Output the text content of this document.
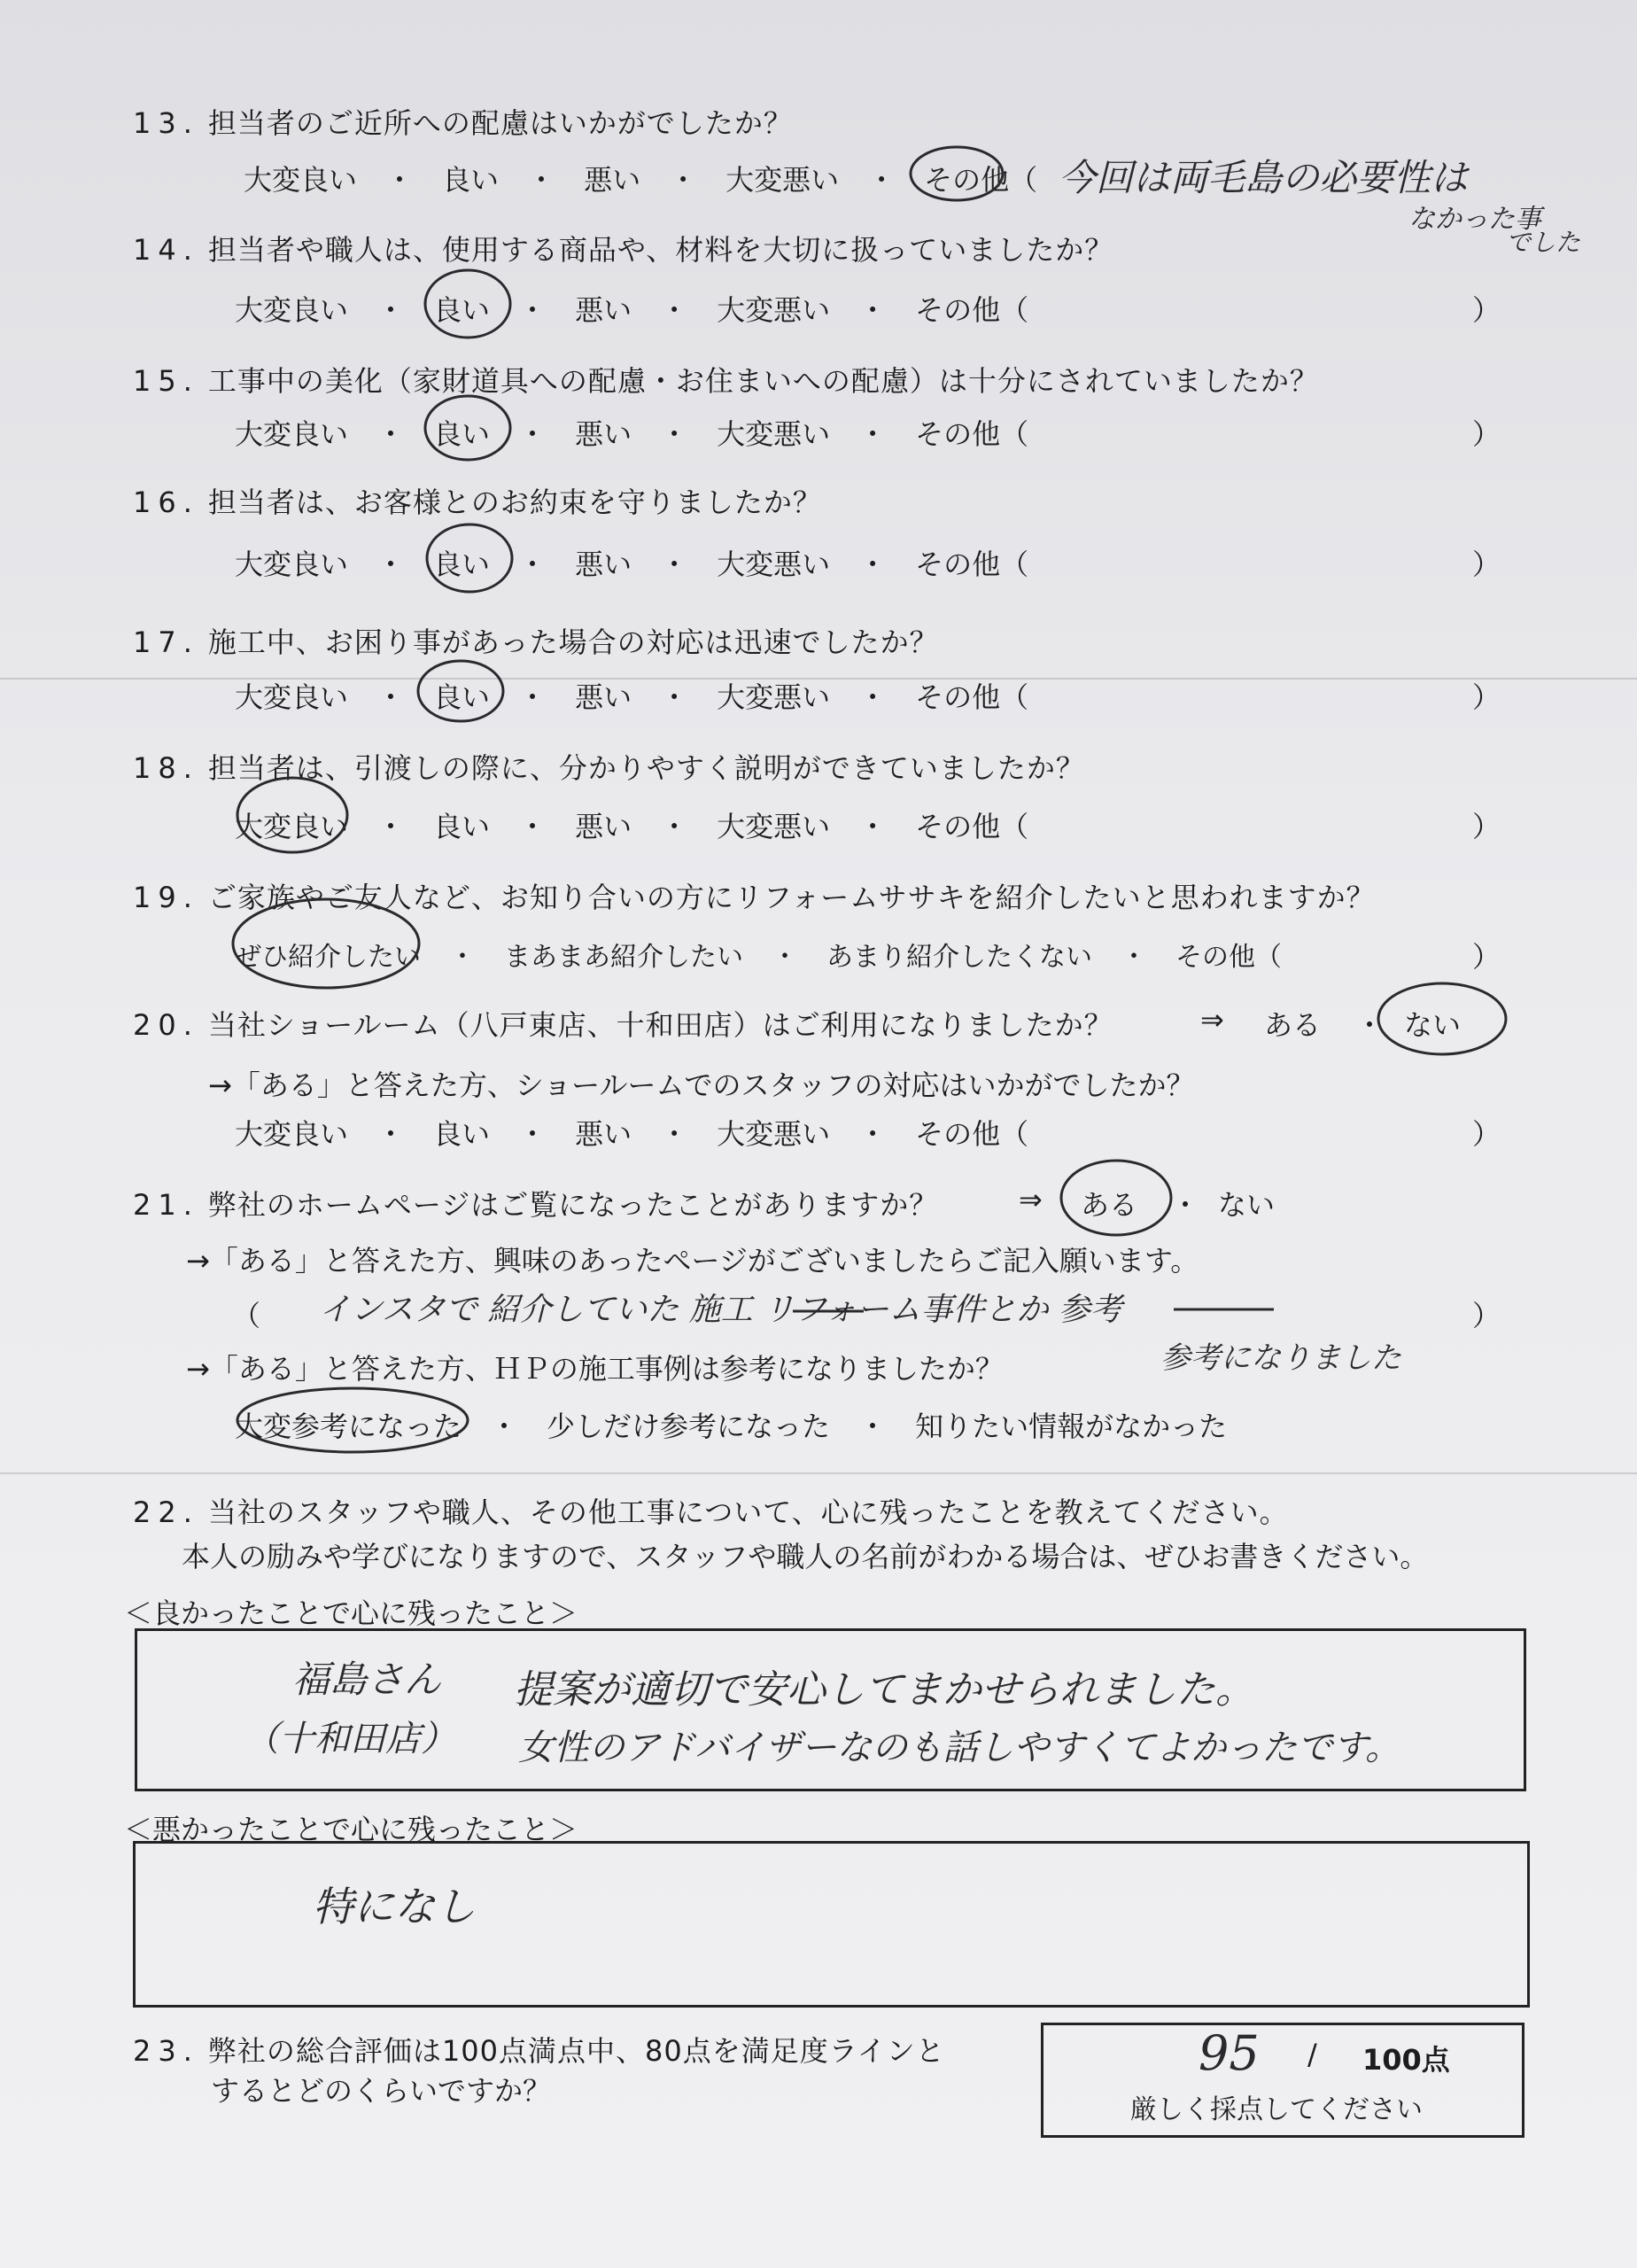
13. 担当者のご近所への配慮はいかがでしたか？
大変良い ・ 良い ・ 悪い ・ 大変悪い ・ その他（ 今回は両毛島の必要性は
なかった事
でした
14. 担当者や職人は、使用する商品や、材料を大切に扱っていましたか？
大変良い ・ 良い ・ 悪い ・ 大変悪い ・ その他（	）
15. 工事中の美化（家財道具への配慮・お住まいへの配慮）は十分にされていましたか？
大変良い ・ 良い ・ 悪い ・ 大変悪い ・ その他（	）
16. 担当者は、お客様とのお約束を守りましたか？
大変良い ・ 良い ・ 悪い ・ 大変悪い ・ その他（	）
17. 施工中、お困り事があった場合の対応は迅速でしたか？
大変良い ・ 良い ・ 悪い ・ 大変悪い ・ その他（	）
18. 担当者は、引渡しの際に、分かりやすく説明ができていましたか？
大変良い ・ 良い ・ 悪い ・ 大変悪い ・ その他（	）
19. ご家族やご友人など、お知り合いの方にリフォームササキを紹介したいと思われますか？
ぜひ紹介したい ・ まあまあ紹介したい ・ あまり紹介したくない ・ その他（	）
20. 当社ショールーム（八戸東店、十和田店）はご利用になりましたか？	⇒ ある ・ ない
→「ある」と答えた方、ショールームでのスタッフの対応はいかがでしたか？
大変良い ・ 良い ・ 悪い ・ 大変悪い ・ その他（	）
21. 弊社のホームページはご覧になったことがありますか？	⇒ ある ・ ない
→「ある」と答えた方、興味のあったページがございましたらご記入願います。
（ インスタで 紹介していた 施工 リフォーム事件とか 参考
参考になりました
）
→「ある」と答えた方、ＨＰの施工事例は参考になりましたか？
大変参考になった ・ 少しだけ参考になった ・ 知りたい情報がなかった
22. 当社のスタッフや職人、その他工事について、心に残ったことを教えてください。
本人の励みや学びになりますので、スタッフや職人の名前がわかる場合は、ぜひお書きください。
＜良かったことで心に残ったこと＞
福島さん
（十和田店）
提案が適切で安心してまかせられました。
女性のアドバイザーなのも話しやすくてよかったです。
＜悪かったことで心に残ったこと＞
特になし
23. 弊社の総合評価は100点満点中、80点を満足度ラインと
するとどのくらいですか？
95 / 100点
厳しく採点してください
